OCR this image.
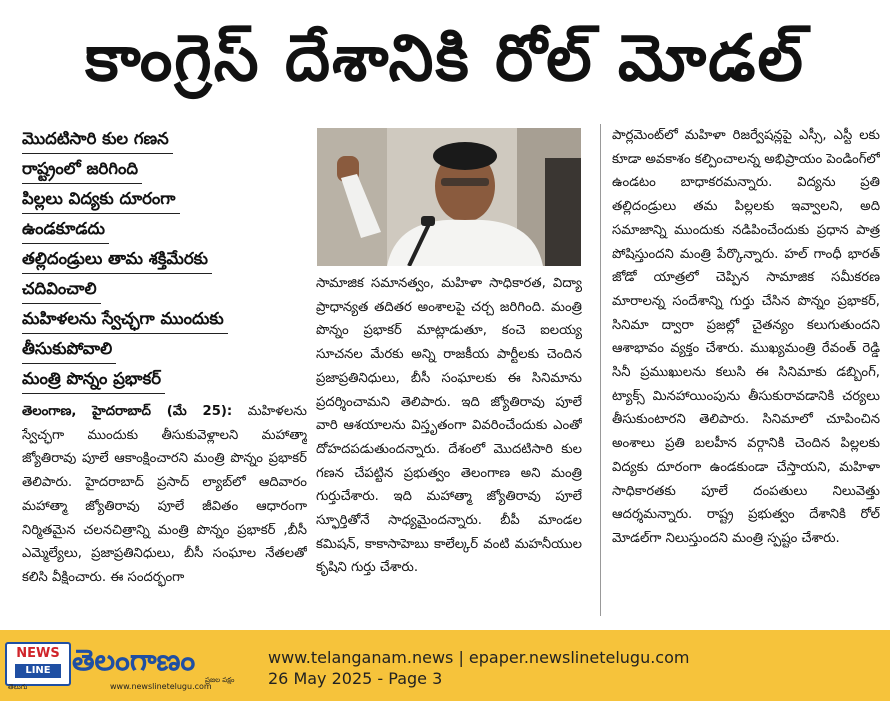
కాంగ్రెస్ దేశానికి రోల్ మోడల్
మొదటిసారి కుల గణన
రాష్ట్రంలో జరిగింది
పిల్లలు విద్యకు దూరంగా
ఉండకూడదు
తల్లిదండ్రులు తామ శక్తిమేరకు
చదివించాలి
మహిళలను స్వేచ్ఛగా ముందుకు
తీసుకుపోవాలి
మంత్రి పొన్నం ప్రభాకర్
తెలంగాణ, హైదరాబాద్ (మే 25): మహిళలను స్వేచ్ఛగా ముందుకు తీసుకువెళ్లాలని మహాత్మా జ్యోతిరావు పూలే ఆకాంక్షించారని మంత్రి పొన్నం ప్రభాకర్ తెలిపారు. హైదరాబాద్ ప్రసాద్ ల్యాబ్‌లో ఆదివారం మహాత్మా జ్యోతిరావు పూలే జీవితం ఆధారంగా నిర్మితమైన చలనచిత్రాన్ని మంత్రి పొన్నం ప్రభాకర్ ,బీసీ ఎమ్మెల్యేలు, ప్రజాప్రతినిధులు, బీసీ సంఘాల నేతలతో కలిసి వీక్షించారు. ఈ సందర్భంగా
సామాజిక సమానత్వం, మహిళా సాధికారత, విద్యా ప్రాధాన్యత తదితర అంశాలపై చర్చ జరిగింది. మంత్రి పొన్నం ప్రభాకర్ మాట్లాడుతూ, కంచె ఐలయ్య సూచనల మేరకు అన్ని రాజకీయ పార్టీలకు చెందిన ప్రజాప్రతినిధులు, బీసీ సంఘాలకు ఈ సినిమాను ప్రదర్శించామని తెలిపారు. ఇది జ్యోతిరావు పూలే వారి ఆశయాలను విస్తృతంగా వివరించేందుకు ఎంతో దోహదపడుతుందన్నారు. దేశంలో మొదటిసారి కుల గణన చేపట్టిన ప్రభుత్వం తెలంగాణ అని మంత్రి గుర్తుచేశారు. ఇది మహాత్మా జ్యోతిరావు పూలే స్ఫూర్తితోనే సాధ్యమైందన్నారు. బీపీ మాండల కమిషన్, కాకాసాహెబు కాలేల్కర్ వంటి మహనీయుల కృషిని గుర్తు చేశారు.
పార్లమెంట్‌లో మహిళా రిజర్వేషన్లపై ఎస్సీ, ఎస్టీ లకు కూడా అవకాశం కల్పించాలన్న అభిప్రాయం పెండింగ్‌లో ఉండటం బాధాకరమన్నారు. విద్యను ప్రతి తల్లిదండ్రులు తమ పిల్లలకు ఇవ్వాలని, అది సమాజాన్ని ముందుకు నడిపించేందుకు ప్రధాన పాత్ర పోషిస్తుందని మంత్రి పేర్కొన్నారు. హల్ గాంధీ భారత్ జోడో యాత్రలో చెప్పిన సామాజిక సమీకరణ మారాలన్న సందేశాన్ని గుర్తు చేసిన పొన్నం ప్రభాకర్, సినిమా ద్వారా ప్రజల్లో చైతన్యం కలుగుతుందని ఆశాభావం వ్యక్తం చేశారు. ముఖ్యమంత్రి రేవంత్ రెడ్డి సినీ ప్రముఖులను కలుసి ఈ సినిమాకు డబ్బింగ్, ట్యాక్స్ మినహాయింపును తీసుకురావడానికి చర్యలు తీసుకుంటారని తెలిపారు. సినిమాలో చూపించిన అంశాలు ప్రతి బలహీన వర్గానికి చెందిన పిల్లలకు విద్యకు దూరంగా ఉండకుండా చేస్తాయని, మహిళా సాధికారతకు పూలే దంపతులు నిలువెత్తు ఆదర్శమన్నారు. రాష్ట్ర ప్రభుత్వం దేశానికి రోల్ మోడల్‌గా నిలుస్తుందని మంత్రి స్పష్టం చేశారు.
NEWS
LINE
తెలుగు
తెలంగాణం
ప్రజల పక్షం
www.newslinetelugu.com
www.telanganam.news | epaper.newslinetelugu.com
26 May 2025 - Page 3
